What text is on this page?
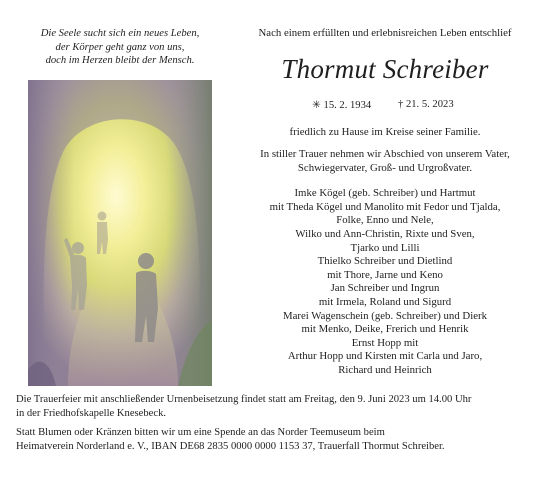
Die Seele sucht sich ein neues Leben,
der Körper geht ganz von uns,
doch im Herzen bleibt der Mensch.
Nach einem erfüllten und erlebnisreichen Leben entschlief
Thormut Schreiber
✳ 15. 2. 1934	† 21. 5. 2023
friedlich zu Hause im Kreise seiner Familie.
In stiller Trauer nehmen wir Abschied von unserem Vater,
Schwiegervater, Groß- und Urgroßvater.
Imke Kögel (geb. Schreiber) und Hartmut
mit Theda Kögel und Manolito mit Fedor und Tjalda,
Folke, Enno und Nele,
Wilko und Ann-Christin, Rixte und Sven,
Tjarko und Lilli
Thielko Schreiber und Dietlind
mit Thore, Jarne und Keno
Jan Schreiber und Ingrun
mit Irmela, Roland und Sigurd
Marei Wagenschein (geb. Schreiber) und Dierk
mit Menko, Deike, Frerich und Henrik
Ernst Hopp mit
Arthur Hopp und Kirsten mit Carla und Jaro,
Richard und Heinrich
Die Trauerfeier mit anschließender Urnenbeisetzung findet statt am Freitag, den 9. Juni 2023 um 14.00 Uhr
in der Friedhofskapelle Knesebeck.
Statt Blumen oder Kränzen bitten wir um eine Spende an das Norder Teemuseum beim
Heimatverein Norderland e. V., IBAN DE68 2835 0000 0000 1153 37, Trauerfall Thormut Schreiber.
